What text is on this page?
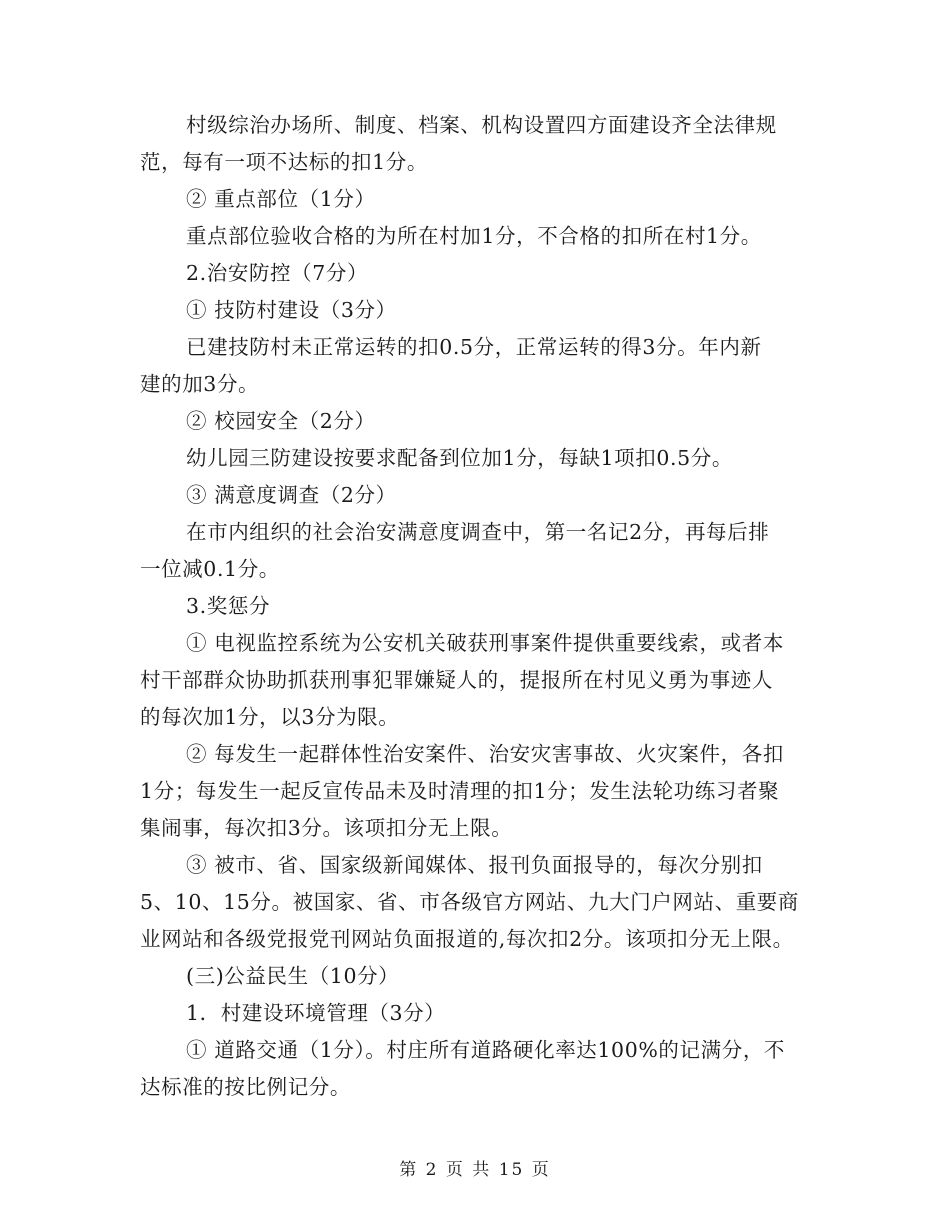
村级综治办场所、制度、档案、机构设置四方面建设齐全法律规
范，每有一项不达标的扣1分。
② 重点部位（1分）
重点部位验收合格的为所在村加1分，不合格的扣所在村1分。
2.治安防控（7分）
① 技防村建设（3分）
已建技防村未正常运转的扣0.5分，正常运转的得3分。年内新
建的加3分。
② 校园安全（2分）
幼儿园三防建设按要求配备到位加1分，每缺1项扣0.5分。
③ 满意度调查（2分）
在市内组织的社会治安满意度调查中，第一名记2分，再每后排
一位减0.1分。
3.奖惩分
① 电视监控系统为公安机关破获刑事案件提供重要线索，或者本
村干部群众协助抓获刑事犯罪嫌疑人的，提报所在村见义勇为事迹人
的每次加1分，以3分为限。
② 每发生一起群体性治安案件、治安灾害事故、火灾案件，各扣
1分；每发生一起反宣传品未及时清理的扣1分；发生法轮功练习者聚
集闹事，每次扣3分。该项扣分无上限。
③ 被市、省、国家级新闻媒体、报刊负面报导的，每次分别扣
5、10、15分。被国家、省、市各级官方网站、九大门户网站、重要商
业网站和各级党报党刊网站负面报道的,每次扣2分。该项扣分无上限。
(三)公益民生（10分）
1．村建设环境管理（3分）
① 道路交通（1分）。村庄所有道路硬化率达100%的记满分，不
达标准的按比例记分。
第 2 页 共 15 页
